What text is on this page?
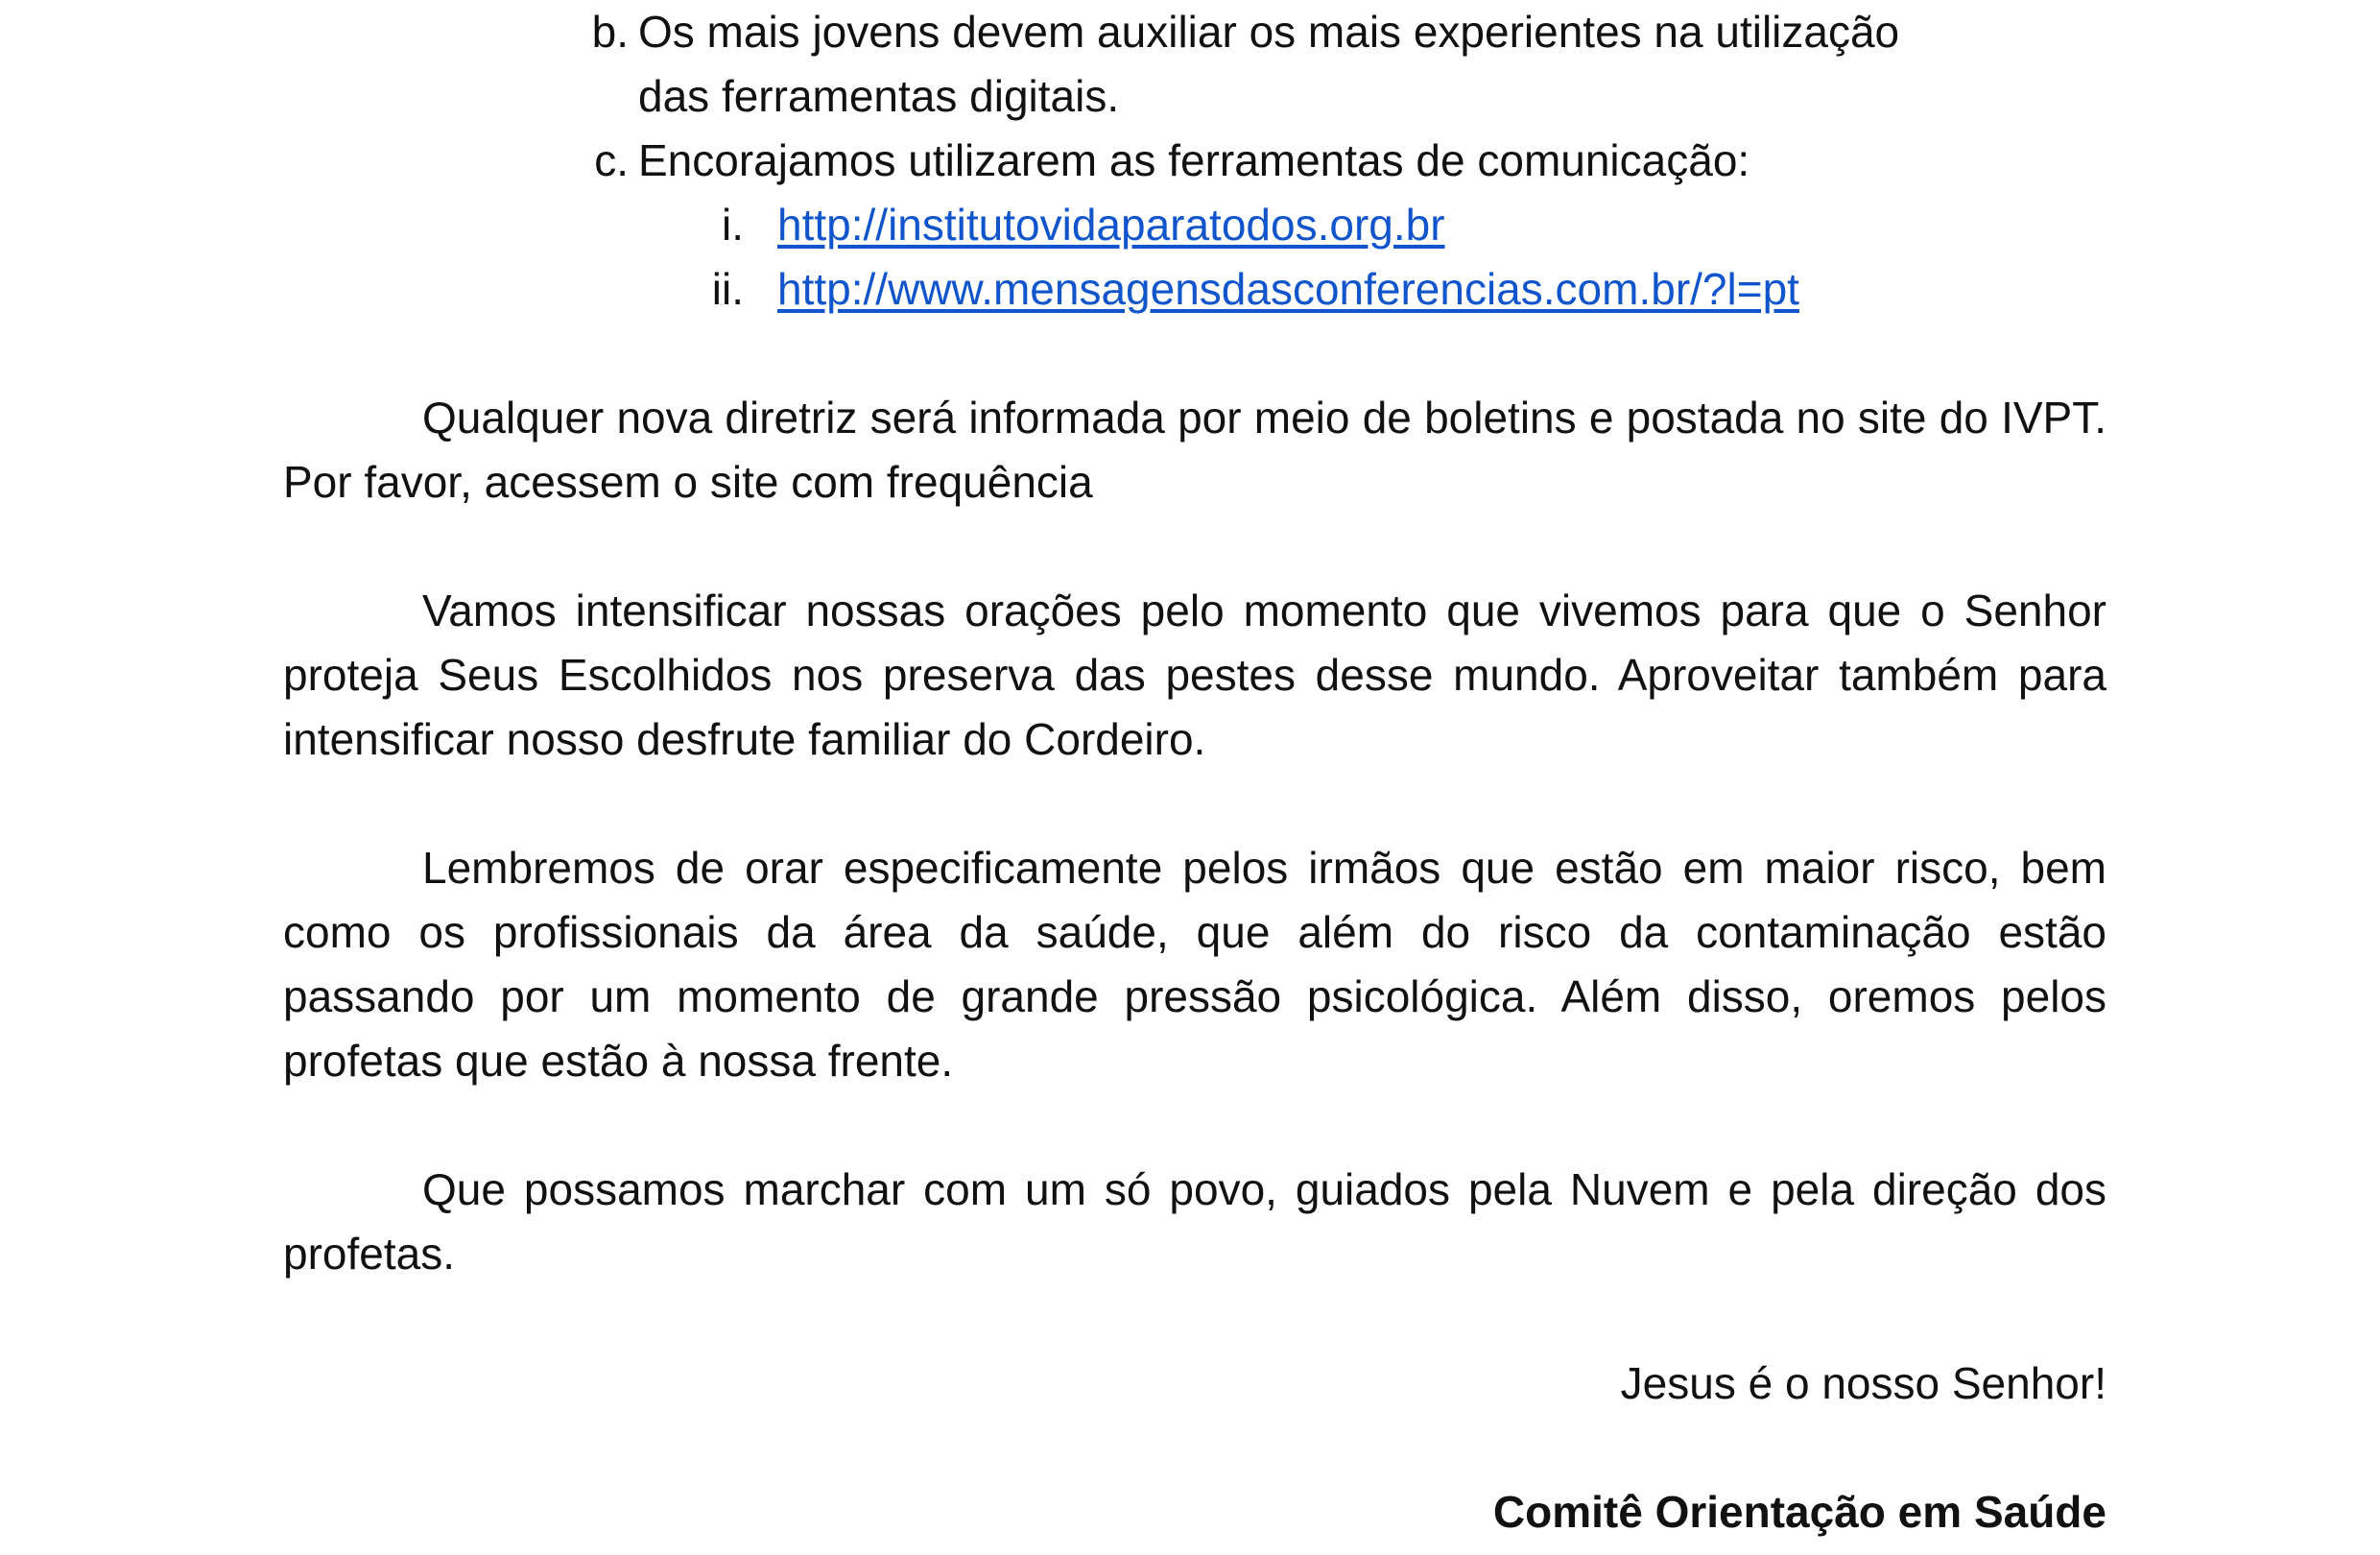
b. Os mais jovens devem auxiliar os mais experientes na utilização
das ferramentas digitais.
c. Encorajamos utilizarem as ferramentas de comunicação:
i. http://institutovidaparatodos.org.br
ii. http://www.mensagensdasconferencias.com.br/?l=pt
Qualquer nova diretriz será informada por meio de boletins e postada no site do IVPT. Por favor, acessem o site com frequência
Vamos intensificar nossas orações pelo momento que vivemos para que o Senhor proteja Seus Escolhidos nos preserva das pestes desse mundo. Aproveitar também para intensificar nosso desfrute familiar do Cordeiro.
Lembremos de orar especificamente pelos irmãos que estão em maior risco, bem como os profissionais da área da saúde, que além do risco da contaminação estão passando por um momento de grande pressão psicológica. Além disso, oremos pelos profetas que estão à nossa frente.
Que possamos marchar com um só povo, guiados pela Nuvem e pela direção dos profetas.
Jesus é o nosso Senhor!
Comitê Orientação em Saúde
